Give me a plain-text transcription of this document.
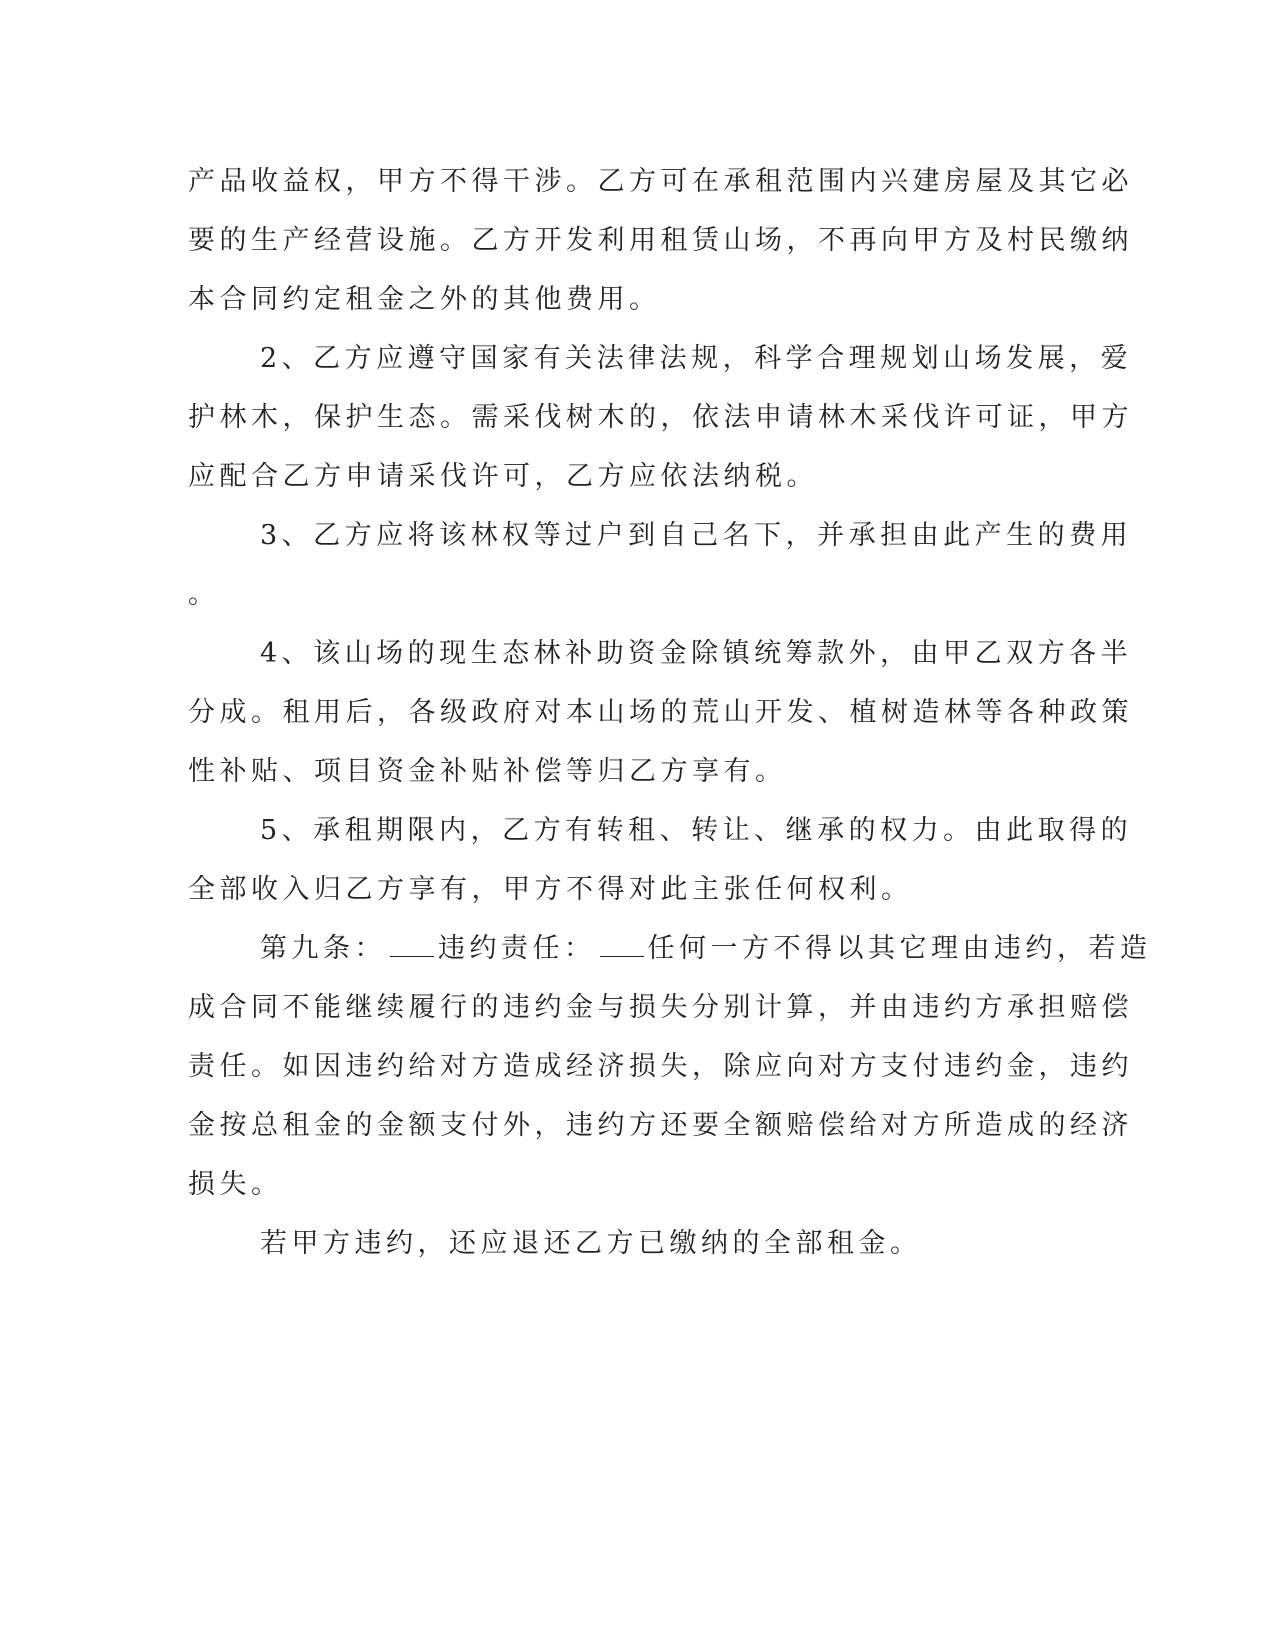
产品收益权，甲方不得干涉。乙方可在承租范围内兴建房屋及其它必
要的生产经营设施。乙方开发利用租赁山场，不再向甲方及村民缴纳
本合同约定租金之外的其他费用。
2、乙方应遵守国家有关法律法规，科学合理规划山场发展，爱
护林木，保护生态。需采伐树木的，依法申请林木采伐许可证，甲方
应配合乙方申请采伐许可，乙方应依法纳税。
3、乙方应将该林权等过户到自己名下，并承担由此产生的费用
。
4、该山场的现生态林补助资金除镇统筹款外，由甲乙双方各半
分成。租用后，各级政府对本山场的荒山开发、植树造林等各种政策
性补贴、项目资金补贴补偿等归乙方享有。
5、承租期限内，乙方有转租、转让、继承的权力。由此取得的
全部收入归乙方享有，甲方不得对此主张任何权利。
第九条： 违约责任： 任何一方不得以其它理由违约，若造
成合同不能继续履行的违约金与损失分别计算，并由违约方承担赔偿
责任。如因违约给对方造成经济损失，除应向对方支付违约金，违约
金按总租金的金额支付外，违约方还要全额赔偿给对方所造成的经济
损失。
若甲方违约，还应退还乙方已缴纳的全部租金。
